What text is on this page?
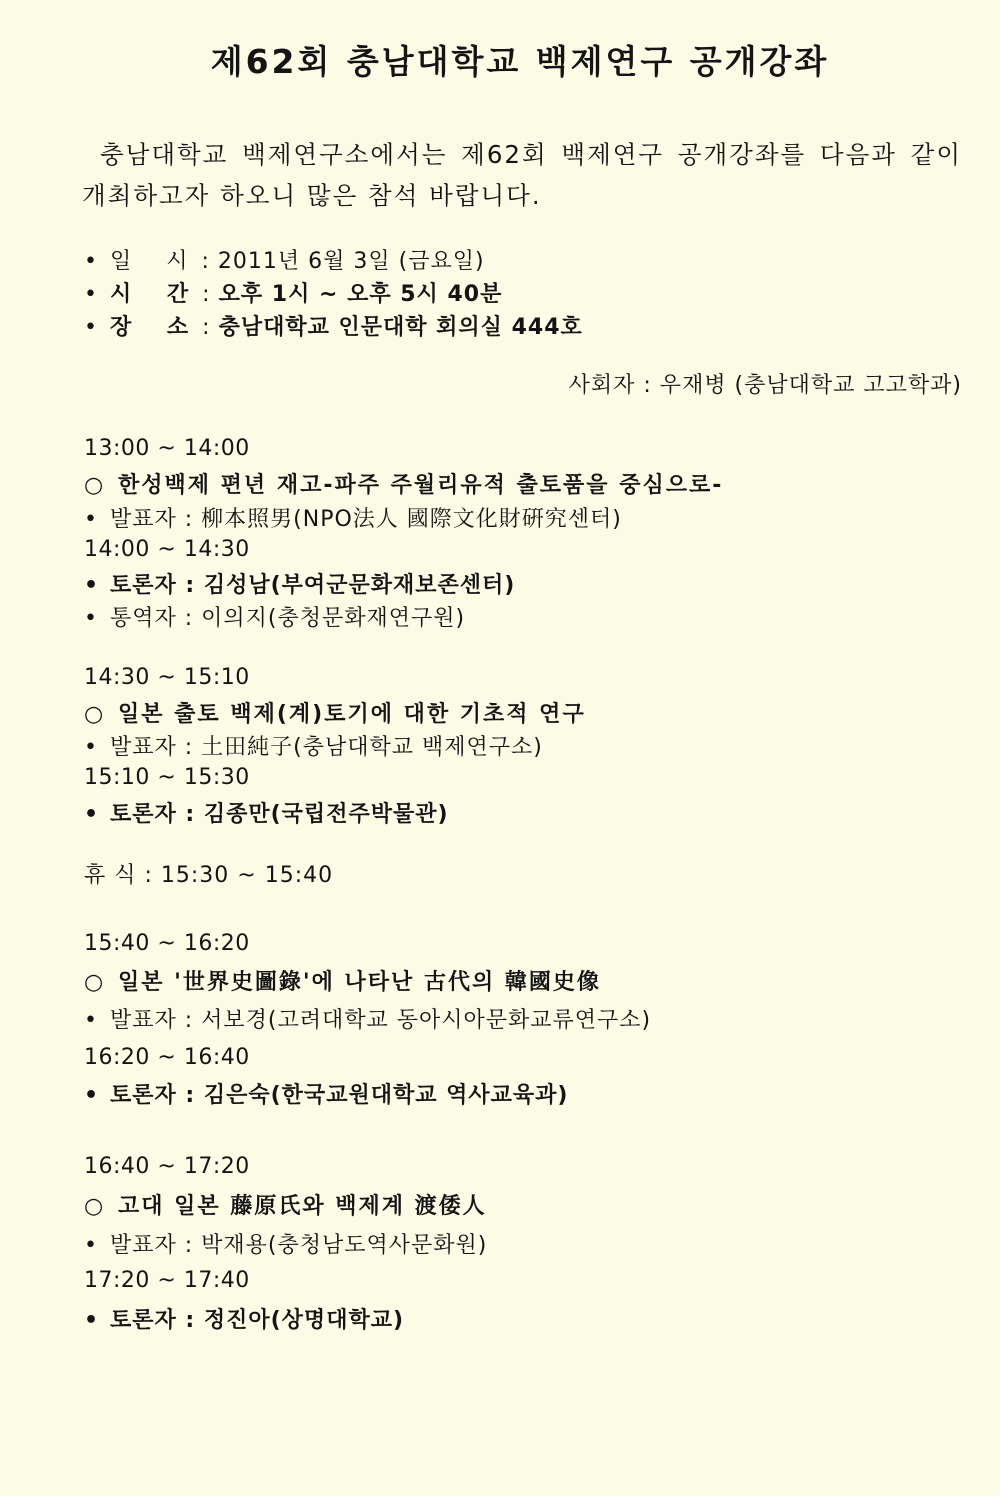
제62회 충남대학교 백제연구 공개강좌

충남대학교 백제연구소에서는 제62회 백제연구 공개강좌를 다음과 같이 개최하고자 하오니 많은 참석 바랍니다.

• 일 시: 2011년 6월 3일 (금요일)
• 시 간: 오후 1시 ~ 오후 5시 40분
• 장 소: 충남대학교 인문대학 회의실 444호
사회자 : 우재병 (충남대학교 고고학과)
13:00 ~ 14:00
○ 한성백제 편년 재고-파주 주월리유적 출토품을 중심으로-
• 발표자 : 柳本照男(NPO法人 國際文化財硏究센터)
14:00 ~ 14:30
• 토론자 : 김성남(부여군문화재보존센터)
• 통역자 : 이의지(충청문화재연구원)
14:30 ~ 15:10
○ 일본 출토 백제(계)토기에 대한 기초적 연구
• 발표자 : 土田純子(충남대학교 백제연구소)
15:10 ~ 15:30
• 토론자 : 김종만(국립전주박물관)
휴 식 : 15:30 ~ 15:40
15:40 ~ 16:20
○ 일본 '世界史圖錄'에 나타난 古代의 韓國史像
• 발표자 : 서보경(고려대학교 동아시아문화교류연구소)
16:20 ~ 16:40
• 토론자 : 김은숙(한국교원대학교 역사교육과)
16:40 ~ 17:20
○ 고대 일본 藤原氏와 백제계 渡倭人
• 발표자 : 박재용(충청남도역사문화원)
17:20 ~ 17:40
• 토론자 : 정진아(상명대학교)
